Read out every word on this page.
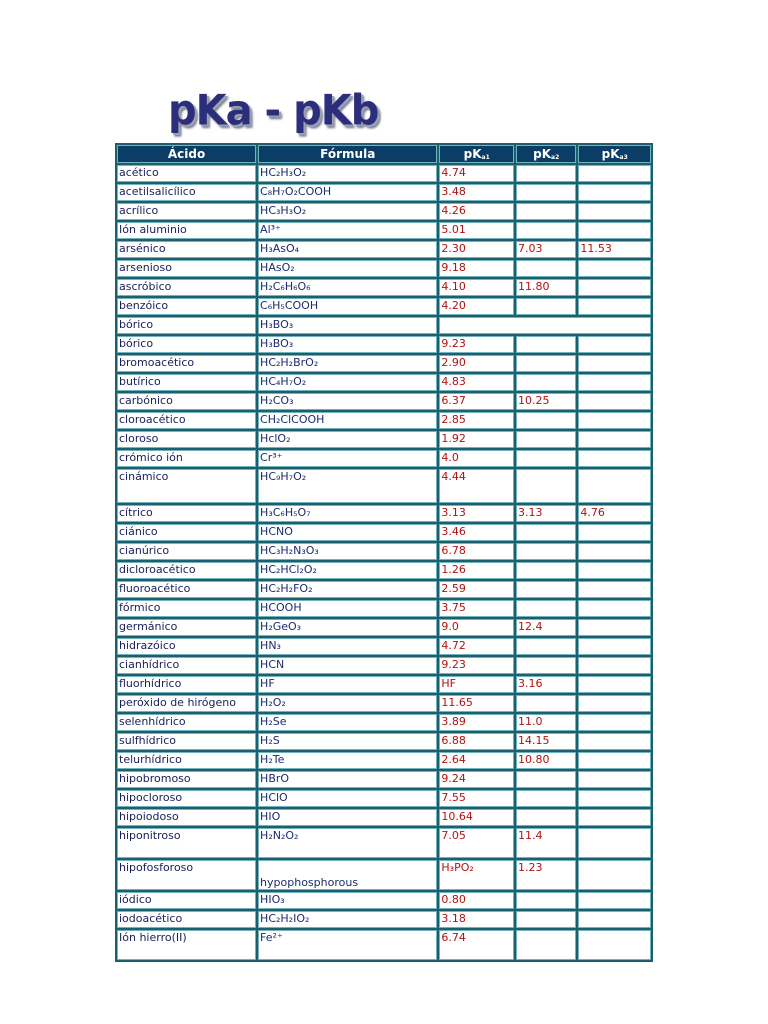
pKa - pKb
Ácido	Fórmula	$pK_{a1}$	$pK_{a2}$	$pK_{a3}$
acético	HC₂H₃O₂	4.74		
acetilsalicílico	C₈H₇O₂COOH	3.48		
acrílico	HC₃H₃O₂	4.26		
Ión aluminio	Al³⁺	5.01		
arsénico	H₃AsO₄	2.30	7.03	11.53
arsenioso	HAsO₂	9.18		
ascróbico	H₂C₆H₆O₆	4.10	11.80	
benzóico	C₆H₅COOH	4.20		
bórico	H₃BO₃			
bórico	H₃BO₃	9.23		
bromoacético	HC₂H₂BrO₂	2.90		
butírico	HC₄H₇O₂	4.83		
carbónico	H₂CO₃	6.37	10.25	
cloroacético	CH₂ClCOOH	2.85		
cloroso	HclO₂	1.92		
crómico ión	Cr³⁺	4.0		
cinámico	HC₉H₇O₂	4.44		
cítrico	H₃C₆H₅O₇	3.13	3.13	4.76
ciánico	HCNO	3.46		
cianúrico	HC₃H₂N₃O₃	6.78		
dicloroacético	HC₂HCl₂O₂	1.26		
fluoroacético	HC₂H₂FO₂	2.59		
fórmico	HCOOH	3.75		
germánico	H₂GeO₃	9.0	12.4	
hidrazóico	HN₃	4.72		
cianhídrico	HCN	9.23		
fluorhídrico	HF	HF	3.16	
peróxido de hirógeno	H₂O₂	11.65		
selenhídrico	H₂Se	3.89	11.0	
sulfhídrico	H₂S	6.88	14.15	
telurhídrico	H₂Te	2.64	10.80	
hipobromoso	HBrO	9.24		
hipocloroso	HClO	7.55		
hipoiodoso	HIO	10.64		
hiponitroso	H₂N₂O₂	7.05	11.4	
hipofosforoso	hypophosphorous	H₃PO₂	1.23	
iódico	HIO₃	0.80		
iodoacético	HC₂H₂IO₂	3.18		
Ión hierro(II)	Fe²⁺	6.74		
